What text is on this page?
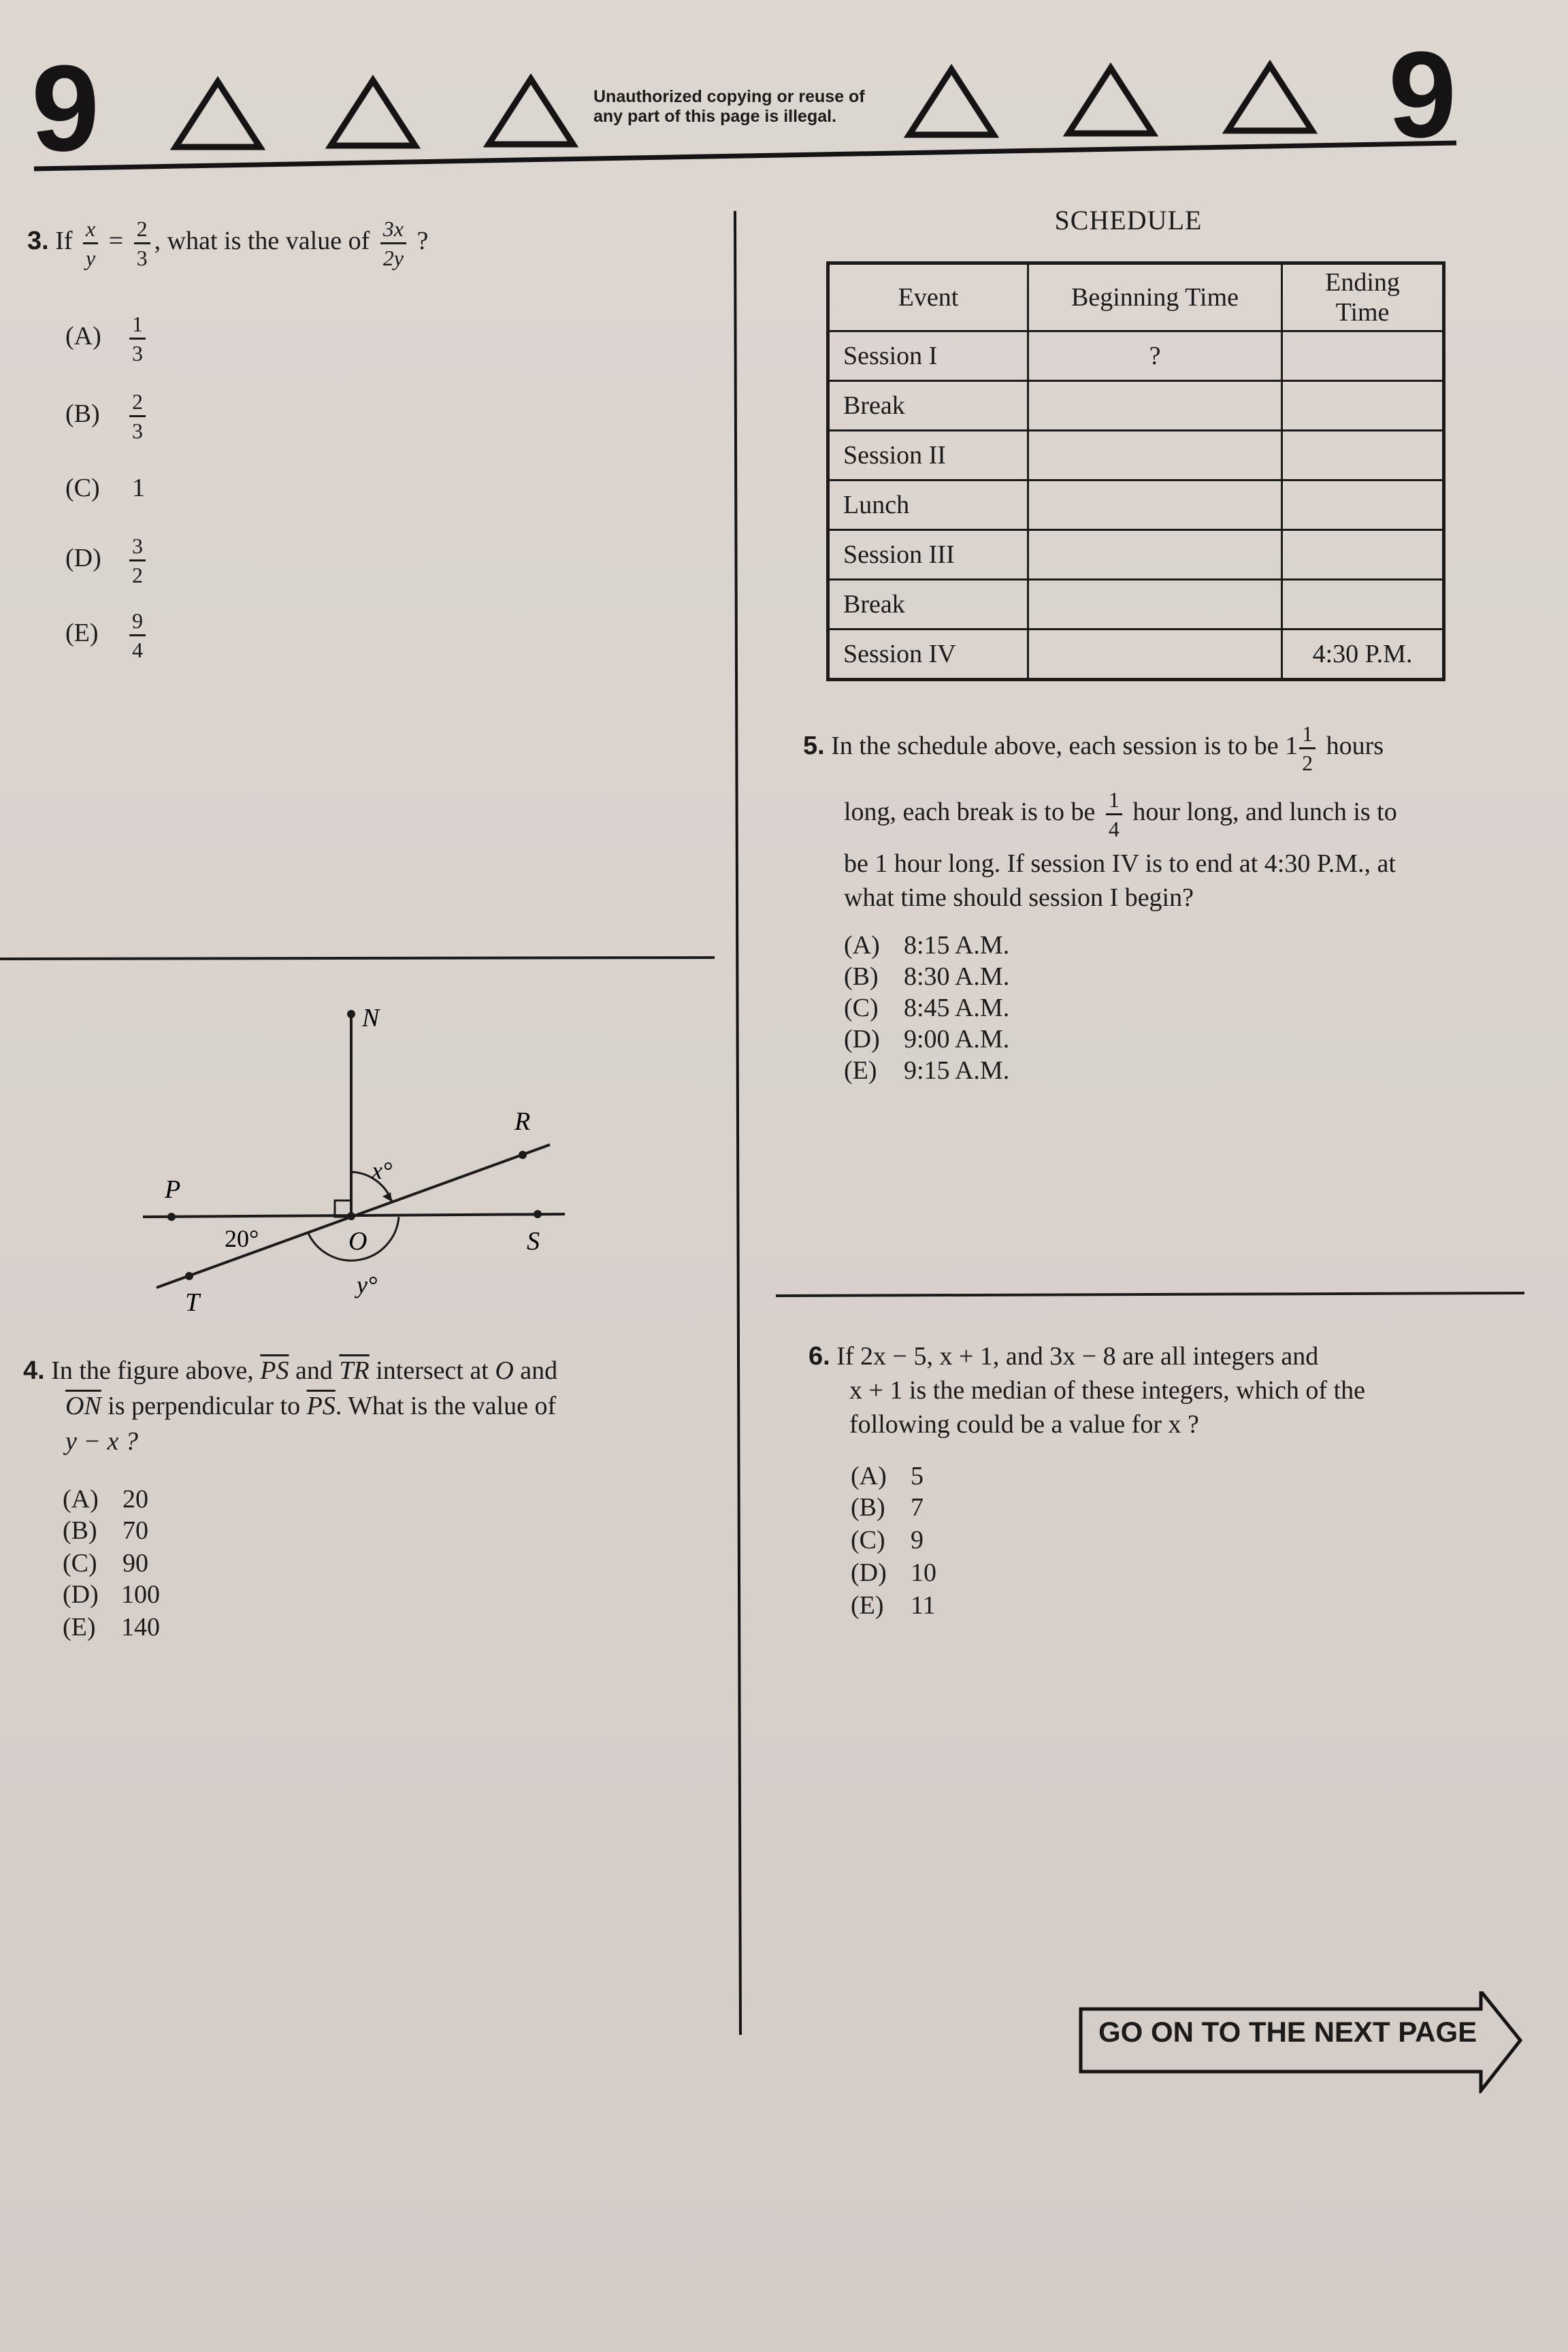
9	9
Unauthorized copying or reuse of
any part of this page is illegal.
3. If $\frac{x}{y} = \frac{2}{3}$ , what is the value of $\frac{3x}{2y}$ ?
$(A) \frac{1}{3}$
$(B) \frac{2}{3}$
(C) 1
$(D) \frac{3}{2}$
$(E) \frac{9}{4}$
N
R
P
O	S
T
20°
x°
y°
4. In the figure above, $\overline{PS}$ and $\overline{TR}$ intersect at O and
$\overline{ON}$ is perpendicular to $\overline{PS}$. What is the value of
y − x ?
(A) 20
(B) 70
(C) 90
(D) 100
(E) 140
SCHEDULE
Event	Beginning Time	Ending Time
Session I	?	
Break		
Session II		
Lunch		
Session III		
Break		
Session IV		4:30 P.M.
5. In the schedule above, each session is to be $1 \frac{1}{2}$ hours
long, each break is to be $\frac{1}{4}$ hour long, and lunch is to
be 1 hour long. If session IV is to end at 4:30 P.M., at
what time should session I begin?
(A) 8:15 A.M.
(B) 8:30 A.M.
(C) 8:45 A.M.
(D) 9:00 A.M.
(E) 9:15 A.M.
6. If 2x − 5, x + 1, and 3x − 8 are all integers and
x + 1 is the median of these integers, which of the
following could be a value for x ?
(A) 5
(B) 7
(C) 9
(D) 10
(E) 11
GO ON TO THE NEXT PAGE
